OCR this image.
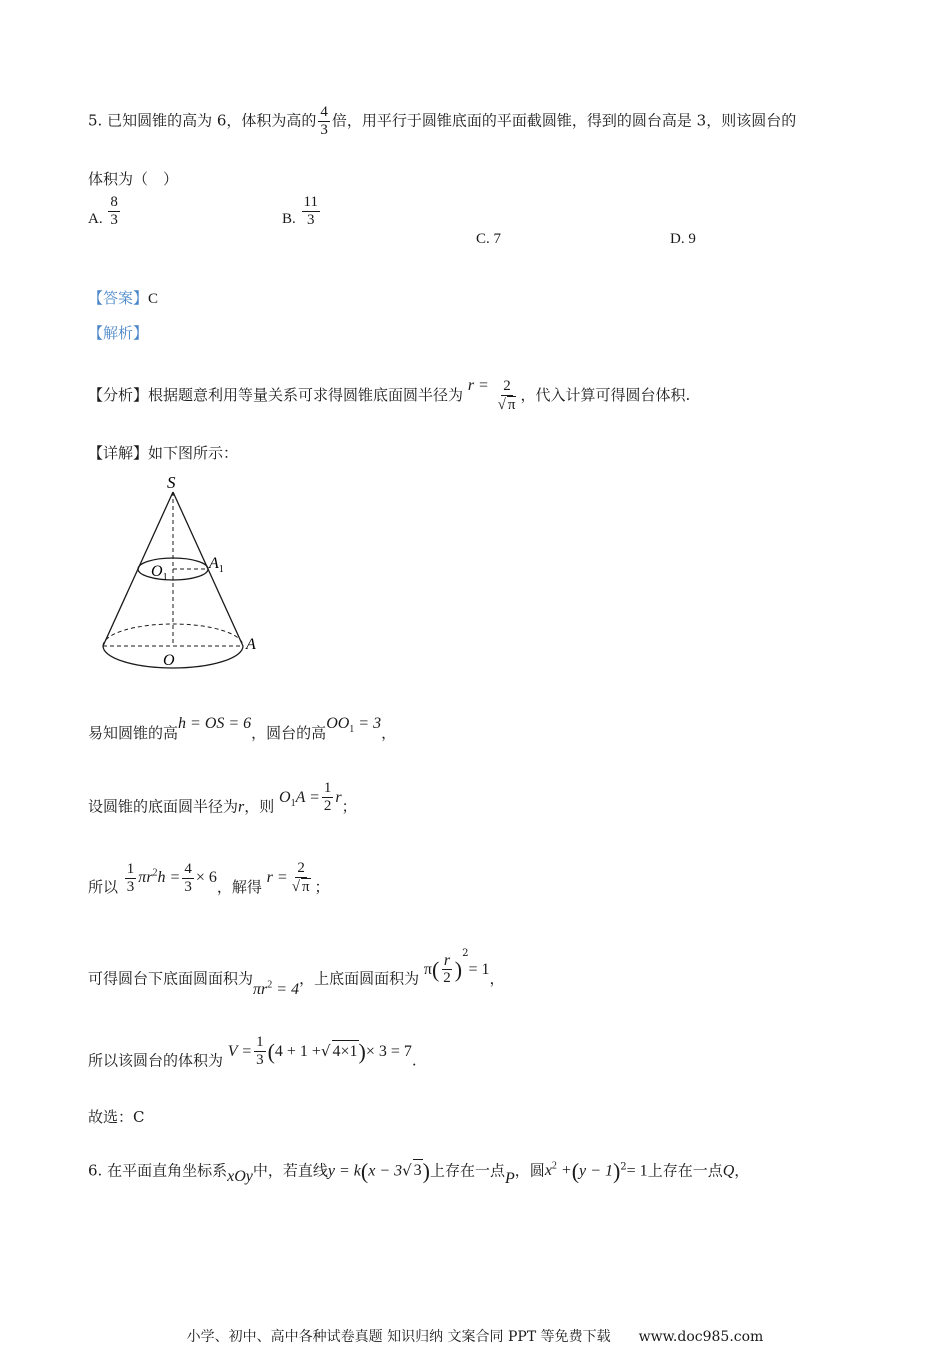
5. 已知圆锥的高为 6，体积为高的 $\frac{4}{3}$ 倍，用平行于圆锥底面的平面截圆锥，得到的圆台高是 3，则该圆台的
体积为（　）
A. $\frac{8}{3}$	B. $\frac{11}{3}$
C. 7	D. 9
【答案】C
【解析】
【分析】根据题意利用等量关系可求得圆锥底面圆半径为 $r = \frac{2}{√ \pi}$ ，代入计算可得圆台体积.
【详解】如下图所示：
S
$O_1$
$A_1$
O
A
易知圆锥的高h = OS = 6，圆台的高$OO_1 = 3$，
设圆锥的底面圆半径为r，则 $O_1A = \frac{1}{2}$ r；
所以 $\frac{1}{3} \pi r^2h = \frac{4}{3} \times 6$，解得 $r = \frac{2}{√ \pi}$ ；
可得圆台下底面圆面积为$\pi r^2 = 4$，上底面圆面积为 $\pi( \frac{r}{2} )^2= 1$，
所以该圆台的体积为 $V = \frac{1}{3} (4 + 1$ +√ 4×1)× 3 = 7.
故选：C
6. 在平面直角坐标系xOy中，若直线y = k(x − 3√ 3)上存在一点P，圆$x^2 +(y - 1)^2= 1$上存在一点Q，
小学、初中、高中各种试卷真题 知识归纳 文案合同 PPT 等免费下载　　www.doc985.com
